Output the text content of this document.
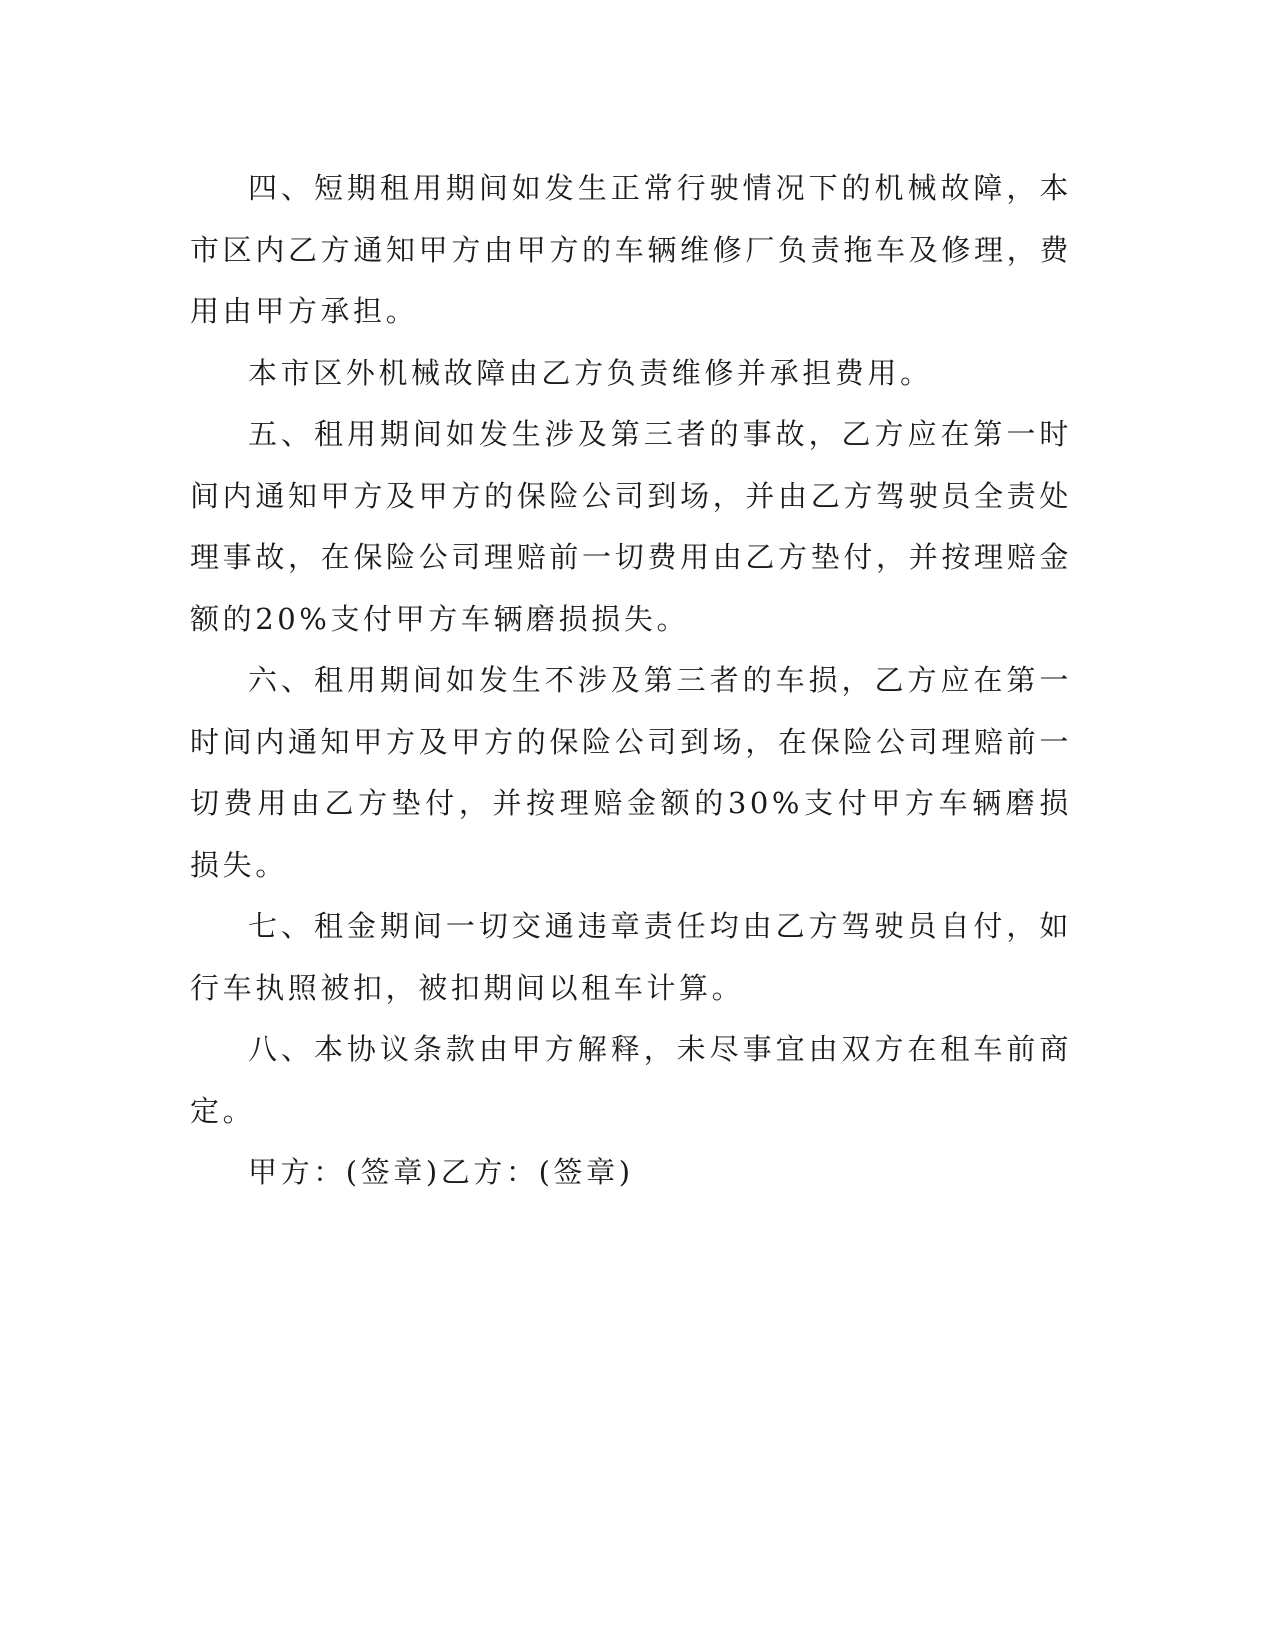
四、短期租用期间如发生正常行驶情况下的机械故障，本市区内乙方通知甲方由甲方的车辆维修厂负责拖车及修理，费用由甲方承担。

本市区外机械故障由乙方负责维修并承担费用。

五、租用期间如发生涉及第三者的事故，乙方应在第一时间内通知甲方及甲方的保险公司到场，并由乙方驾驶员全责处理事故，在保险公司理赔前一切费用由乙方垫付，并按理赔金额的20%支付甲方车辆磨损损失。

六、租用期间如发生不涉及第三者的车损，乙方应在第一时间内通知甲方及甲方的保险公司到场，在保险公司理赔前一切费用由乙方垫付，并按理赔金额的30%支付甲方车辆磨损损失。

七、租金期间一切交通违章责任均由乙方驾驶员自付，如行车执照被扣，被扣期间以租车计算。

八、本协议条款由甲方解释，未尽事宜由双方在租车前商定。

甲方：(签章)乙方：(签章)
